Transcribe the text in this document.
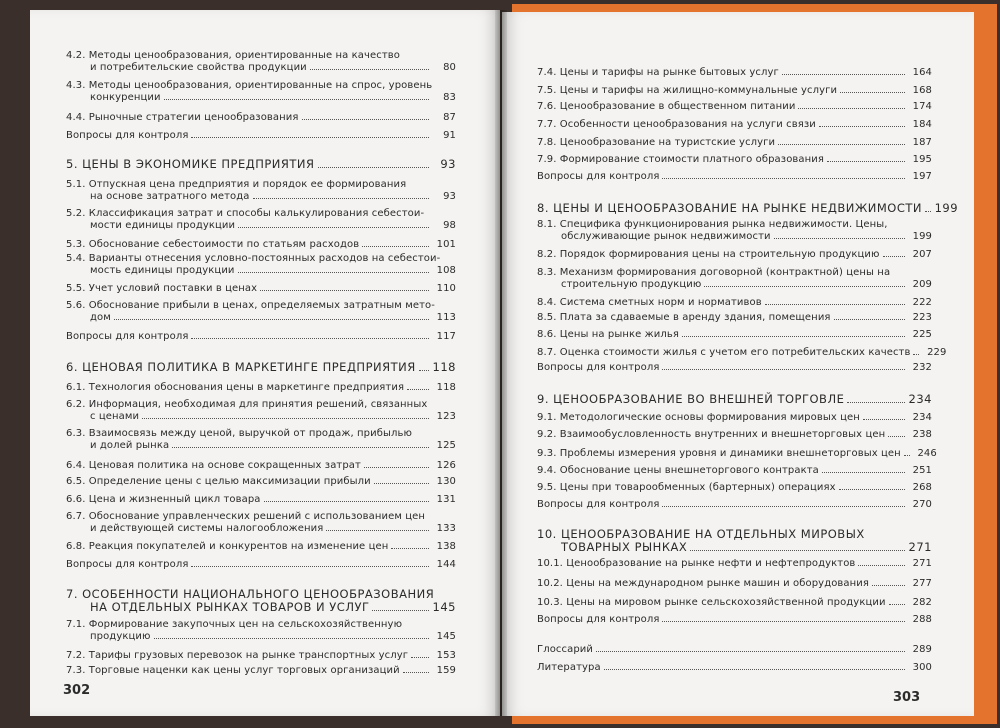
4.2. Методы ценообразования, ориентированные на качество
и потребительские свойства продукции	80
4.3. Методы ценообразования, ориентированные на спрос, уровень
конкуренции	83
4.4. Рыночные стратегии ценообразования	87
Вопросы для контроля	91
5. ЦЕНЫ В ЭКОНОМИКЕ ПРЕДПРИЯТИЯ	93
5.1. Отпускная цена предприятия и порядок ее формирования
на основе затратного метода	93
5.2. Классификация затрат и способы калькулирования себестои-
мости единицы продукции	98
5.3. Обоснование себестоимости по статьям расходов	101
5.4. Варианты отнесения условно-постоянных расходов на себестои-
мость единицы продукции	108
5.5. Учет условий поставки в ценах	110
5.6. Обоснование прибыли в ценах, определяемых затратным мето-
дом	113
Вопросы для контроля	117
6. ЦЕНОВАЯ ПОЛИТИКА В МАРКЕТИНГЕ ПРЕДПРИЯТИЯ 118
6.1. Технология обоснования цены в маркетинге предприятия	118
6.2. Информация, необходимая для принятия решений, связанных
с ценами	123
6.3. Взаимосвязь между ценой, выручкой от продаж, прибылью
и долей рынка	125
6.4. Ценовая политика на основе сокращенных затрат	126
6.5. Определение цены с целью максимизации прибыли	130
6.6. Цена и жизненный цикл товара	131
6.7. Обоснование управленческих решений с использованием цен
и действующей системы налогообложения	133
6.8. Реакция покупателей и конкурентов на изменение цен	138
Вопросы для контроля	144
7. ОСОБЕННОСТИ НАЦИОНАЛЬНОГО ЦЕНООБРАЗОВАНИЯ
НА ОТДЕЛЬНЫХ РЫНКАХ ТОВАРОВ И УСЛУГ	145
7.1. Формирование закупочных цен на сельскохозяйственную
продукцию	145
7.2. Тарифы грузовых перевозок на рынке транспортных услуг	153
7.3. Торговые наценки как цены услуг торговых организаций	159
302
7.4. Цены и тарифы на рынке бытовых услуг	164
7.5. Цены и тарифы на жилищно-коммунальные услуги	168
7.6. Ценообразование в общественном питании	174
7.7. Особенности ценообразования на услуги связи	184
7.8. Ценообразование на туристские услуги	187
7.9. Формирование стоимости платного образования	195
Вопросы для контроля	197
8. ЦЕНЫ И ЦЕНООБРАЗОВАНИЕ НА РЫНКЕ НЕДВИЖИМОСТИ 199
8.1. Специфика функционирования рынка недвижимости. Цены,
обслуживающие рынок недвижимости	199
8.2. Порядок формирования цены на строительную продукцию	207
8.3. Механизм формирования договорной (контрактной) цены на
строительную продукцию	209
8.4. Система сметных норм и нормативов	222
8.5. Плата за сдаваемые в аренду здания, помещения	223
8.6. Цены на рынке жилья	225
8.7. Оценка стоимости жилья с учетом его потребительских качеств	229
Вопросы для контроля	232
9. ЦЕНООБРАЗОВАНИЕ ВО ВНЕШНЕЙ ТОРГОВЛЕ	234
9.1. Методологические основы формирования мировых цен	234
9.2. Взаимообусловленность внутренних и внешнеторговых цен	238
9.3. Проблемы измерения уровня и динамики внешнеторговых цен	246
9.4. Обоснование цены внешнеторгового контракта	251
9.5. Цены при товарообменных (бартерных) операциях	268
Вопросы для контроля	270
10. ЦЕНООБРАЗОВАНИЕ НА ОТДЕЛЬНЫХ МИРОВЫХ
ТОВАРНЫХ РЫНКАХ	271
10.1. Ценообразование на рынке нефти и нефтепродуктов	271
10.2. Цены на международном рынке машин и оборудования	277
10.3. Цены на мировом рынке сельскохозяйственной продукции	282
Вопросы для контроля	288
Глоссарий	289
Литература	300
303
